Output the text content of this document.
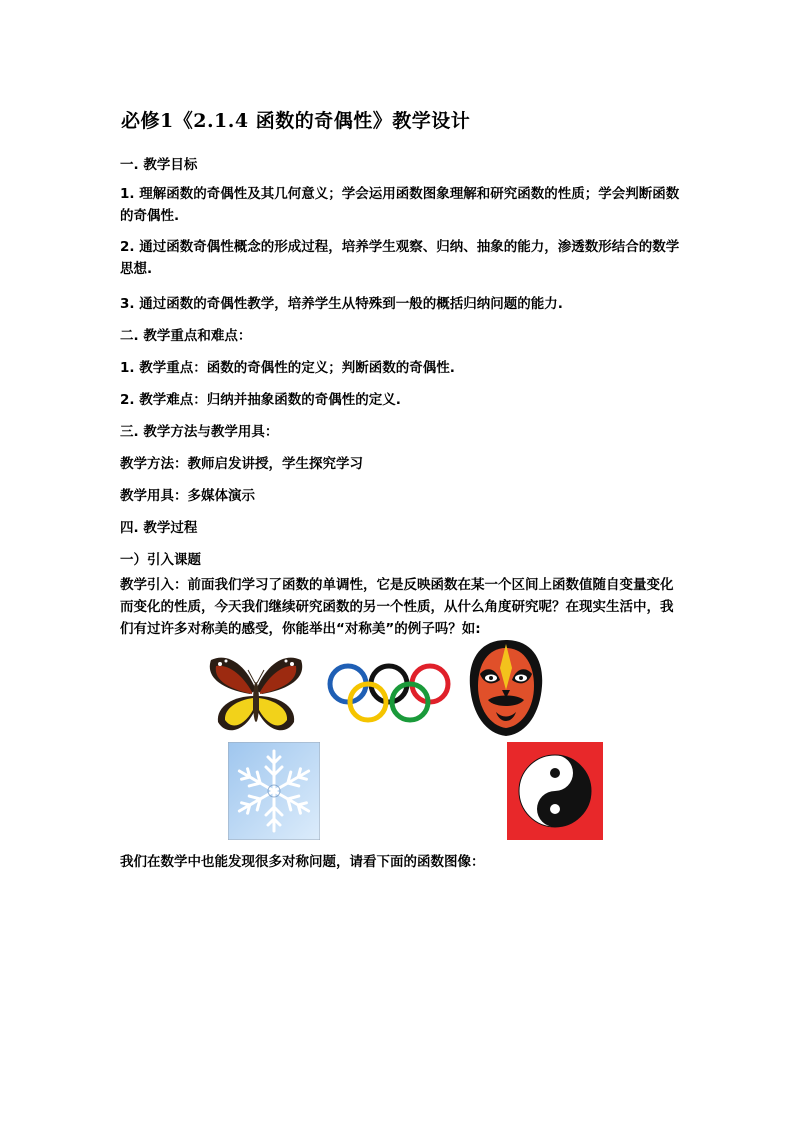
必修1《2.1.4 函数的奇偶性》教学设计
一. 教学目标
1. 理解函数的奇偶性及其几何意义；学会运用函数图象理解和研究函数的性质；学会判断函数的奇偶性.
2. 通过函数奇偶性概念的形成过程，培养学生观察、归纳、抽象的能力，渗透数形结合的数学思想.
3. 通过函数的奇偶性教学，培养学生从特殊到一般的概括归纳问题的能力.
二. 教学重点和难点：
1. 教学重点：函数的奇偶性的定义；判断函数的奇偶性.
2. 教学难点：归纳并抽象函数的奇偶性的定义.
三. 教学方法与教学用具：
教学方法：教师启发讲授，学生探究学习
教学用具：多媒体演示
四. 教学过程
一）引入课题
教学引入：前面我们学习了函数的单调性，它是反映函数在某一个区间上函数值随自变量变化而变化的性质，今天我们继续研究函数的另一个性质，从什么角度研究呢？在现实生活中，我们有过许多对称美的感受，你能举出“对称美”的例子吗？如:
我们在数学中也能发现很多对称问题，请看下面的函数图像：
